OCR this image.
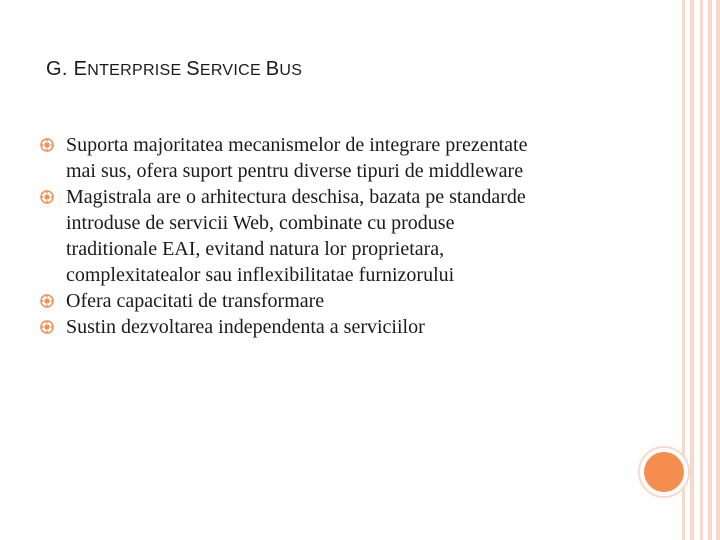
G. ENTERPRISE SERVICE BUS
Suporta majoritatea mecanismelor de integrare prezentate
mai sus, ofera suport pentru diverse tipuri de middleware
Magistrala are o arhitectura deschisa, bazata pe standarde
introduse de servicii Web, combinate cu produse
traditionale EAI, evitand natura lor proprietara,
complexitatealor sau inflexibilitatae furnizorului
Ofera capacitati de transformare
Sustin dezvoltarea independenta a serviciilor
